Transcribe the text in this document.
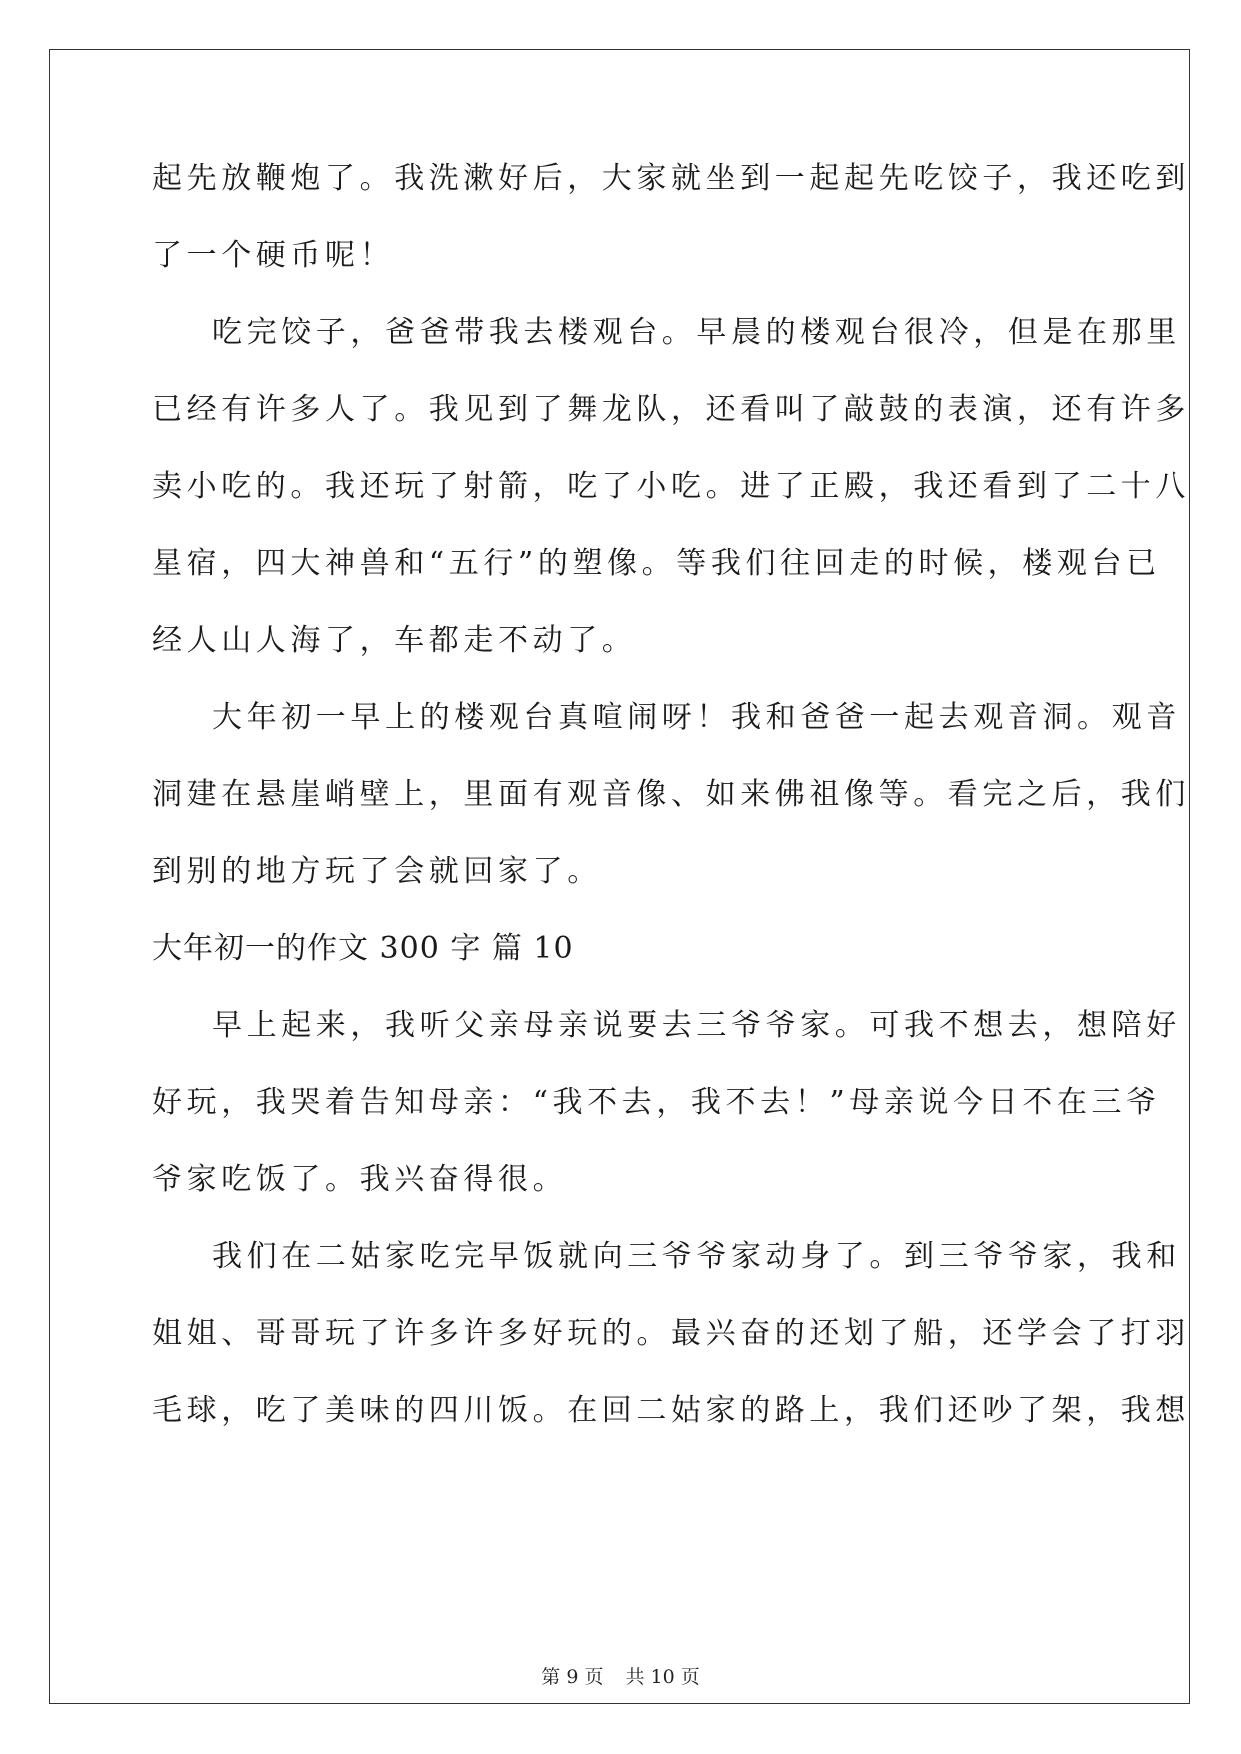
起先放鞭炮了。我洗漱好后，大家就坐到一起起先吃饺子，我还吃到
了一个硬币呢！
吃完饺子，爸爸带我去楼观台。早晨的楼观台很冷，但是在那里
已经有许多人了。我见到了舞龙队，还看叫了敲鼓的表演，还有许多
卖小吃的。我还玩了射箭，吃了小吃。进了正殿，我还看到了二十八
星宿，四大神兽和“五行”的塑像。等我们往回走的时候，楼观台已
经人山人海了，车都走不动了。
大年初一早上的楼观台真喧闹呀！我和爸爸一起去观音洞。观音
洞建在悬崖峭壁上，里面有观音像、如来佛祖像等。看完之后，我们
到别的地方玩了会就回家了。
大年初一的作文 300 字 篇 10
早上起来，我听父亲母亲说要去三爷爷家。可我不想去，想陪好
好玩，我哭着告知母亲：“我不去，我不去！”母亲说今日不在三爷
爷家吃饭了。我兴奋得很。
我们在二姑家吃完早饭就向三爷爷家动身了。到三爷爷家，我和
姐姐、哥哥玩了许多许多好玩的。最兴奋的还划了船，还学会了打羽
毛球，吃了美味的四川饭。在回二姑家的路上，我们还吵了架，我想
第 9 页 共 10 页
